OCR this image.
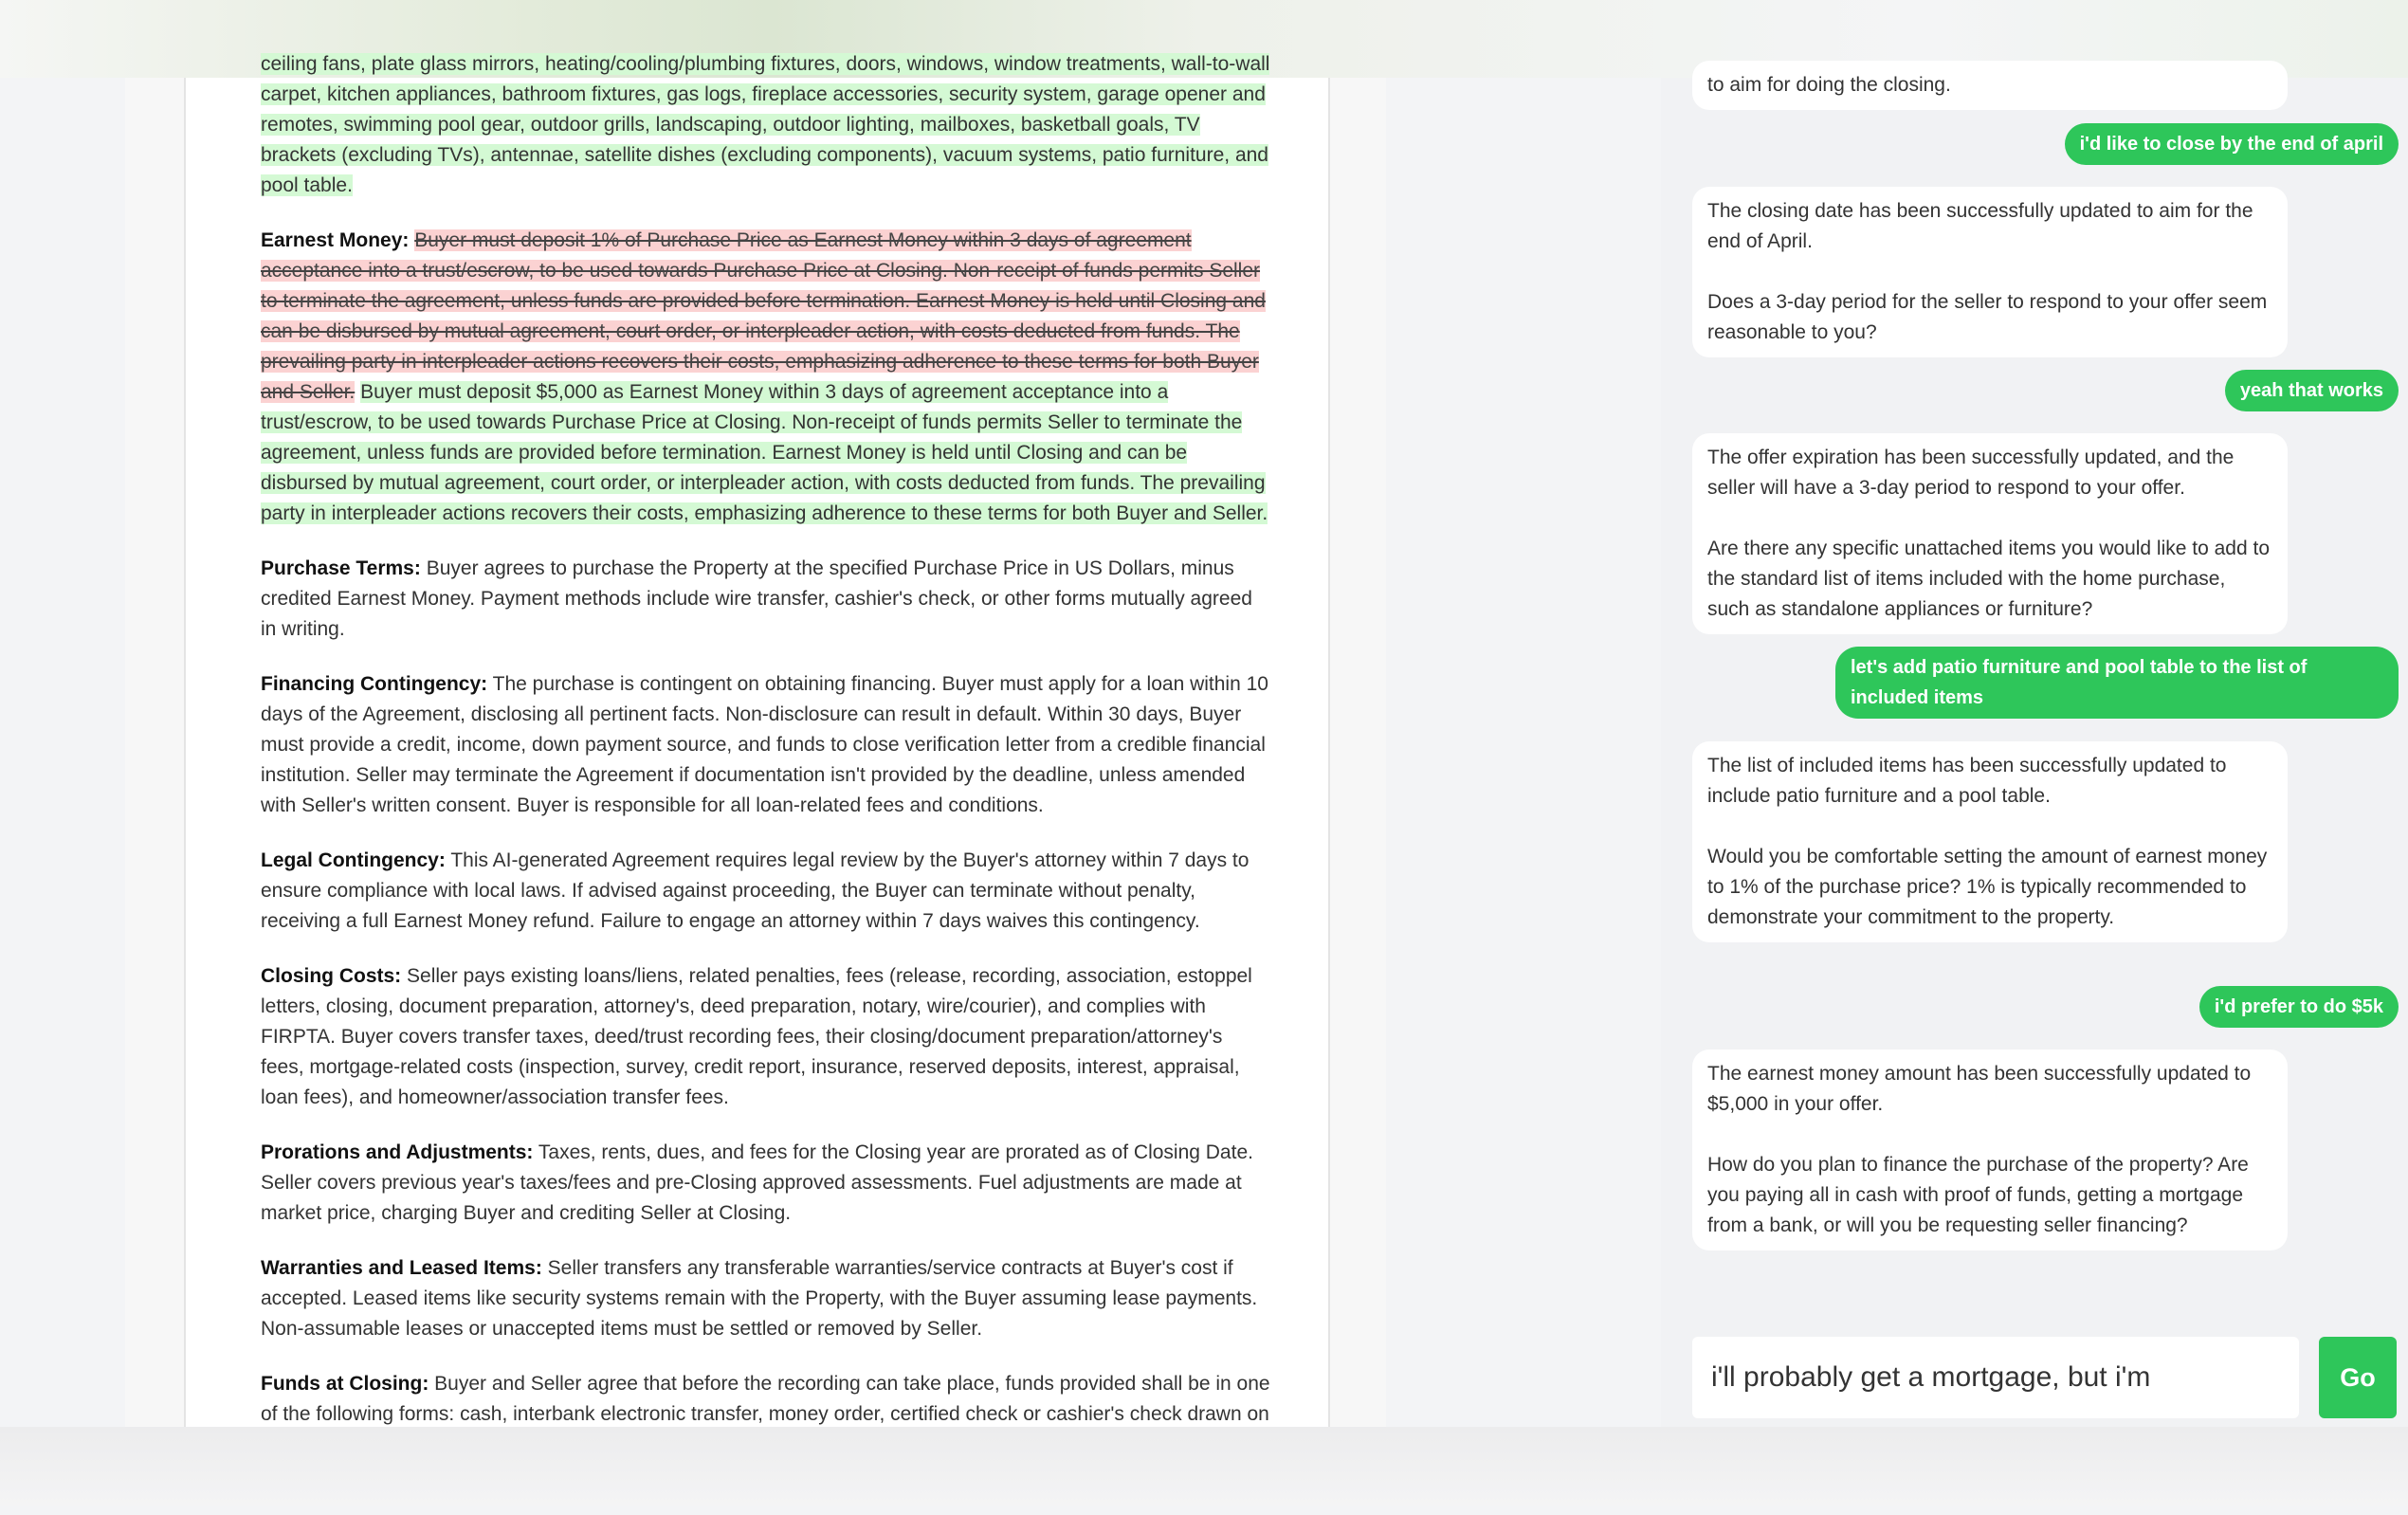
ceiling fans, plate glass mirrors, heating/cooling/plumbing fixtures, doors, windows, window treatments, wall-to-wall carpet, kitchen appliances, bathroom fixtures, gas logs, fireplace accessories, security system, garage opener and remotes, swimming pool gear, outdoor grills, landscaping, outdoor lighting, mailboxes, basketball goals, TV brackets (excluding TVs), antennae, satellite dishes (excluding components), vacuum systems, patio furniture, and pool table.

Earnest Money: Buyer must deposit 1% of Purchase Price as Earnest Money within 3 days of agreement acceptance into a trust/escrow, to be used towards Purchase Price at Closing. Non-receipt of funds permits Seller to terminate the agreement, unless funds are provided before termination. Earnest Money is held until Closing and can be disbursed by mutual agreement, court order, or interpleader action, with costs deducted from funds. The prevailing party in interpleader actions recovers their costs, emphasizing adherence to these terms for both Buyer and Seller. Buyer must deposit $5,000 as Earnest Money within 3 days of agreement acceptance into a trust/escrow, to be used towards Purchase Price at Closing. Non-receipt of funds permits Seller to terminate the agreement, unless funds are provided before termination. Earnest Money is held until Closing and can be disbursed by mutual agreement, court order, or interpleader action, with costs deducted from funds. The prevailing party in interpleader actions recovers their costs, emphasizing adherence to these terms for both Buyer and Seller.

Purchase Terms: Buyer agrees to purchase the Property at the specified Purchase Price in US Dollars, minus credited Earnest Money. Payment methods include wire transfer, cashier's check, or other forms mutually agreed in writing.

Financing Contingency: The purchase is contingent on obtaining financing. Buyer must apply for a loan within 10 days of the Agreement, disclosing all pertinent facts. Non-disclosure can result in default. Within 30 days, Buyer must provide a credit, income, down payment source, and funds to close verification letter from a credible financial institution. Seller may terminate the Agreement if documentation isn't provided by the deadline, unless amended with Seller's written consent. Buyer is responsible for all loan-related fees and conditions.

Legal Contingency: This AI-generated Agreement requires legal review by the Buyer's attorney within 7 days to ensure compliance with local laws. If advised against proceeding, the Buyer can terminate without penalty, receiving a full Earnest Money refund. Failure to engage an attorney within 7 days waives this contingency.

Closing Costs: Seller pays existing loans/liens, related penalties, fees (release, recording, association, estoppel letters, closing, document preparation, attorney's, deed preparation, notary, wire/courier), and complies with FIRPTA. Buyer covers transfer taxes, deed/trust recording fees, their closing/document preparation/attorney's fees, mortgage-related costs (inspection, survey, credit report, insurance, reserved deposits, interest, appraisal, loan fees), and homeowner/association transfer fees.

Prorations and Adjustments: Taxes, rents, dues, and fees for the Closing year are prorated as of Closing Date. Seller covers previous year's taxes/fees and pre-Closing approved assessments. Fuel adjustments are made at market price, charging Buyer and crediting Seller at Closing.

Warranties and Leased Items: Seller transfers any transferable warranties/service contracts at Buyer's cost if accepted. Leased items like security systems remain with the Property, with the Buyer assuming lease payments. Non-assumable leases or unaccepted items must be settled or removed by Seller.

Funds at Closing: Buyer and Seller agree that before the recording can take place, funds provided shall be in one of the following forms: cash, interbank electronic transfer, money order, certified check or cashier's check drawn on

to aim for doing the closing.
i'd like to close by the end of april
The closing date has been successfully updated to aim for the end of April.
Does a 3-day period for the seller to respond to your offer seem reasonable to you?
yeah that works
The offer expiration has been successfully updated, and the seller will have a 3-day period to respond to your offer.
Are there any specific unattached items you would like to add to the standard list of items included with the home purchase, such as standalone appliances or furniture?
let's add patio furniture and pool table to the list of included items
The list of included items has been successfully updated to include patio furniture and a pool table.
Would you be comfortable setting the amount of earnest money to 1% of the purchase price? 1% is typically recommended to demonstrate your commitment to the property.
i'd prefer to do $5k
The earnest money amount has been successfully updated to $5,000 in your offer.
How do you plan to finance the purchase of the property? Are you paying all in cash with proof of funds, getting a mortgage from a bank, or will you be requesting seller financing?
i'll probably get a mortgage, but i'm
Go
